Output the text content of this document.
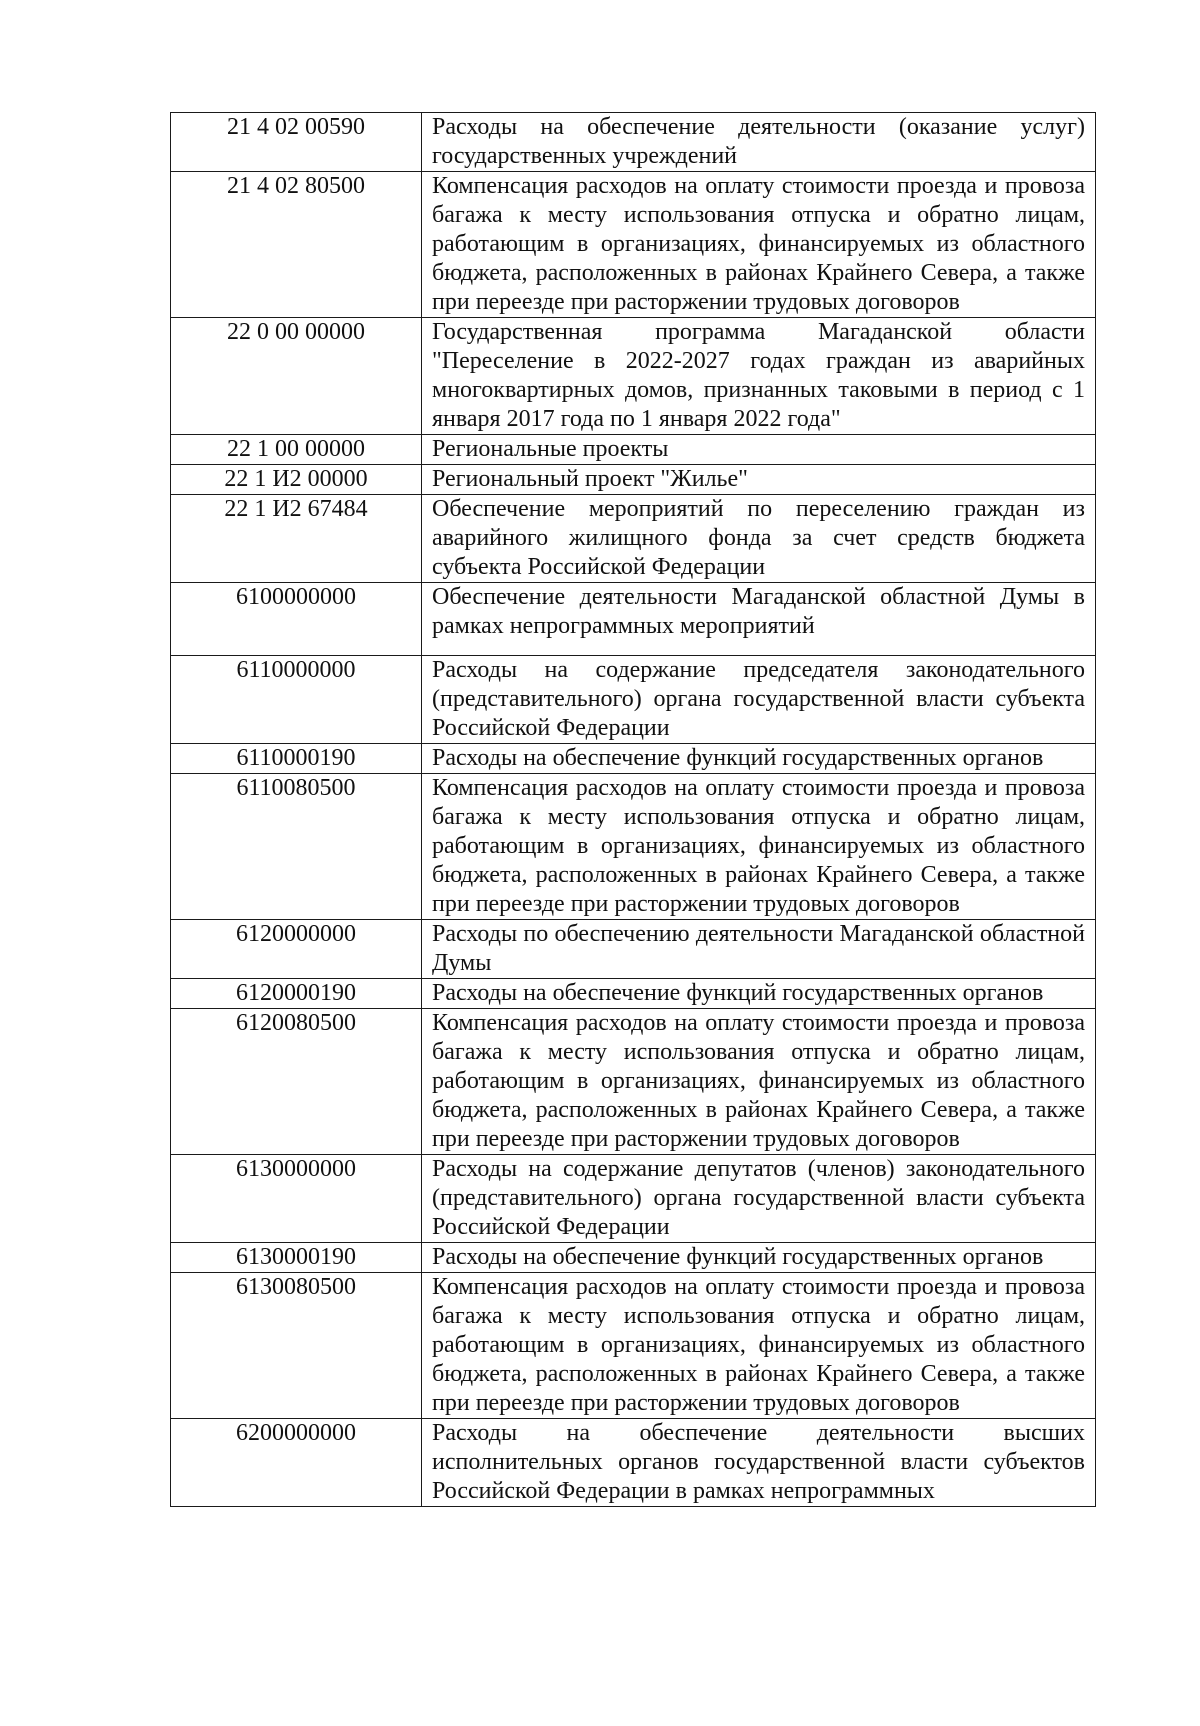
21 4 02 00590	Расходы на обеспечение деятельности (оказание услуг) государственных учреждений
21 4 02 80500	Компенсация расходов на оплату стоимости проезда и провоза багажа к месту использования отпуска и обратно лицам, работающим в организациях, финансируемых из областного бюджета, расположенных в районах Крайнего Севера, а также при переезде при расторжении трудовых договоров
22 0 00 00000	Государственная программа Магаданской области "Переселение в 2022-2027 годах граждан из аварийных многоквартирных домов, признанных таковыми в период с 1 января 2017 года по 1 января 2022 года"
22 1 00 00000	Региональные проекты
22 1 И2 00000	Региональный проект "Жилье"
22 1 И2 67484	Обеспечение мероприятий по переселению граждан из аварийного жилищного фонда за счет средств бюджета субъекта Российской Федерации
6100000000	Обеспечение деятельности Магаданской областной Думы в рамках непрограммных мероприятий
6110000000	Расходы на содержание председателя законодательного (представительного) органа государственной власти субъекта Российской Федерации
6110000190	Расходы на обеспечение функций государственных органов
6110080500	Компенсация расходов на оплату стоимости проезда и провоза багажа к месту использования отпуска и обратно лицам, работающим в организациях, финансируемых из областного бюджета, расположенных в районах Крайнего Севера, а также при переезде при расторжении трудовых договоров
6120000000	Расходы по обеспечению деятельности Магаданской областной Думы
6120000190	Расходы на обеспечение функций государственных органов
6120080500	Компенсация расходов на оплату стоимости проезда и провоза багажа к месту использования отпуска и обратно лицам, работающим в организациях, финансируемых из областного бюджета, расположенных в районах Крайнего Севера, а также при переезде при расторжении трудовых договоров
6130000000	Расходы на содержание депутатов (членов) законодательного (представительного) органа государственной власти субъекта Российской Федерации
6130000190	Расходы на обеспечение функций государственных органов
6130080500	Компенсация расходов на оплату стоимости проезда и провоза багажа к месту использования отпуска и обратно лицам, работающим в организациях, финансируемых из областного бюджета, расположенных в районах Крайнего Севера, а также при переезде при расторжении трудовых договоров
6200000000	Расходы на обеспечение деятельности высших исполнительных органов государственной власти субъектов Российской Федерации в рамках непрограммных
